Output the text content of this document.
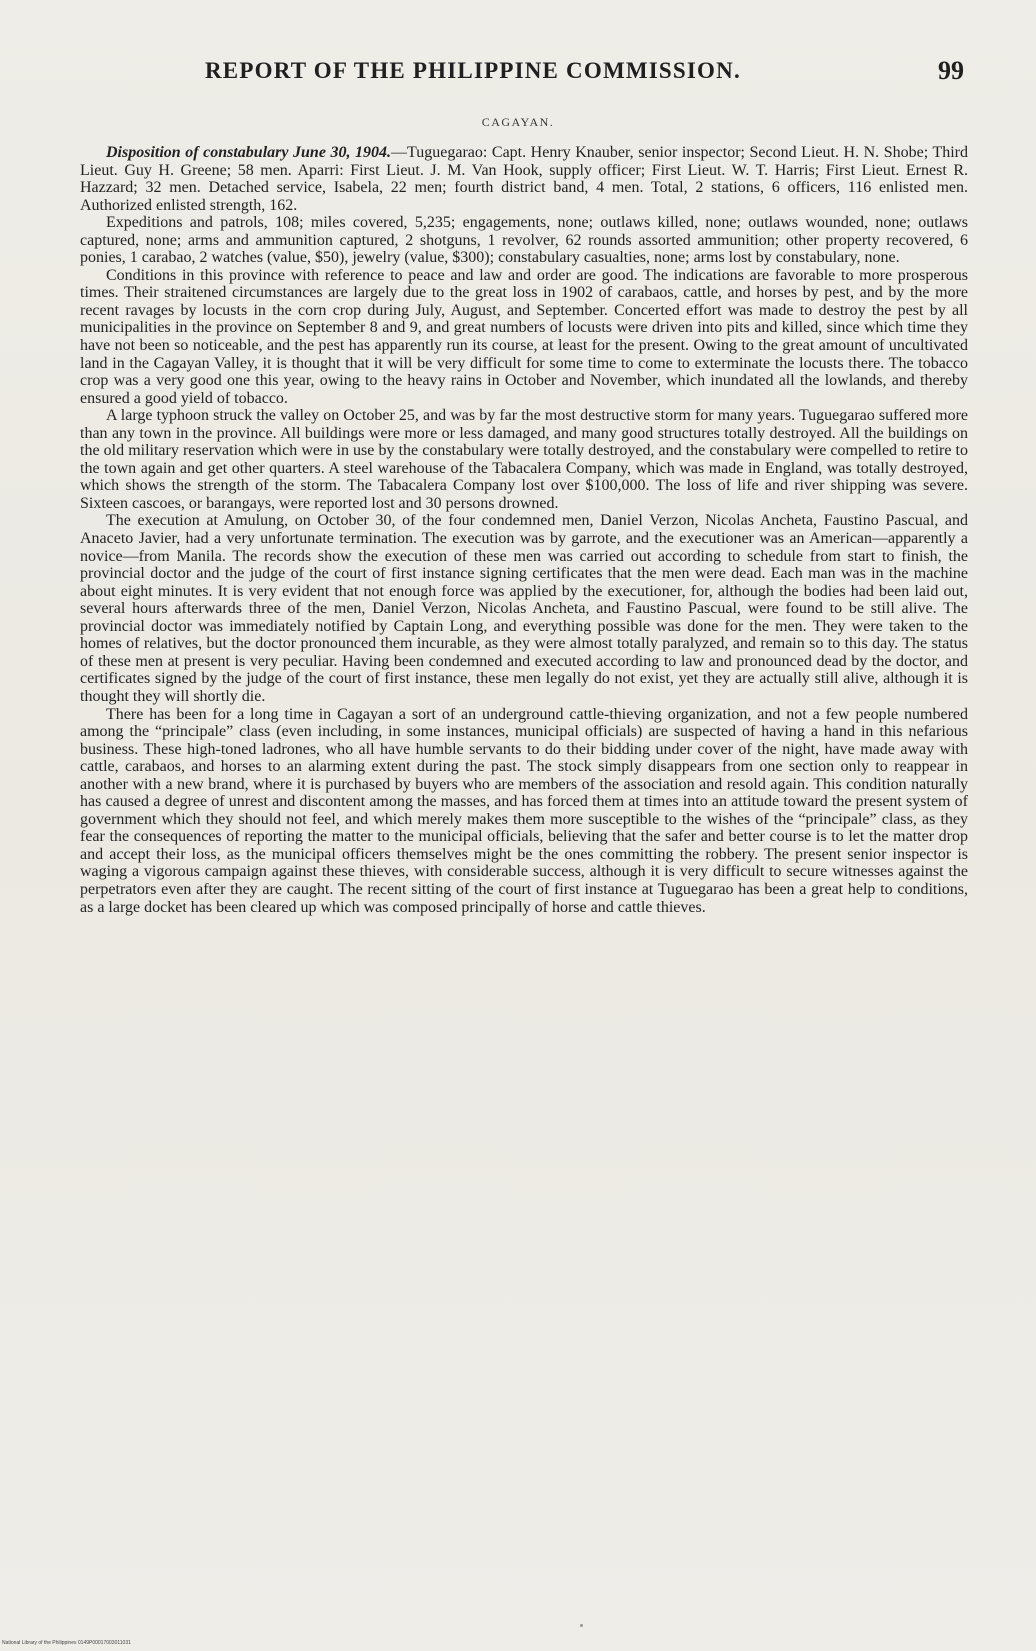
REPORT OF THE PHILIPPINE COMMISSION.	99
CAGAYAN.

Disposition of constabulary June 30, 1904.—Tuguegarao: Capt. Henry Knauber, senior inspector; Second Lieut. H. N. Shobe; Third Lieut. Guy H. Greene; 58 men. Aparri: First Lieut. J. M. Van Hook, supply officer; First Lieut. W. T. Harris; First Lieut. Ernest R. Hazzard; 32 men. Detached service, Isabela, 22 men; fourth district band, 4 men. Total, 2 stations, 6 officers, 116 enlisted men. Authorized enlisted strength, 162.

Expeditions and patrols, 108; miles covered, 5,235; engagements, none; outlaws killed, none; outlaws wounded, none; outlaws captured, none; arms and ammunition captured, 2 shotguns, 1 revolver, 62 rounds assorted ammunition; other property recovered, 6 ponies, 1 carabao, 2 watches (value, $50), jewelry (value, $300); constabulary casualties, none; arms lost by constabulary, none.

Conditions in this province with reference to peace and law and order are good. The indications are favorable to more prosperous times. Their straitened circumstances are largely due to the great loss in 1902 of carabaos, cattle, and horses by pest, and by the more recent ravages by locusts in the corn crop during July, August, and September. Concerted effort was made to destroy the pest by all municipalities in the province on September 8 and 9, and great numbers of locusts were driven into pits and killed, since which time they have not been so noticeable, and the pest has apparently run its course, at least for the present. Owing to the great amount of uncultivated land in the Cagayan Valley, it is thought that it will be very difficult for some time to come to exterminate the locusts there. The tobacco crop was a very good one this year, owing to the heavy rains in October and November, which inundated all the lowlands, and thereby ensured a good yield of tobacco.

A large typhoon struck the valley on October 25, and was by far the most destructive storm for many years. Tuguegarao suffered more than any town in the province. All buildings were more or less damaged, and many good structures totally destroyed. All the buildings on the old military reservation which were in use by the constabulary were totally destroyed, and the constabulary were compelled to retire to the town again and get other quarters. A steel warehouse of the Tabacalera Company, which was made in England, was totally destroyed, which shows the strength of the storm. The Tabacalera Company lost over $100,000. The loss of life and river shipping was severe. Sixteen cascoes, or barangays, were reported lost and 30 persons drowned.

The execution at Amulung, on October 30, of the four condemned men, Daniel Verzon, Nicolas Ancheta, Faustino Pascual, and Anaceto Javier, had a very unfortunate termination. The execution was by garrote, and the executioner was an American—apparently a novice—from Manila. The records show the execution of these men was carried out according to schedule from start to finish, the provincial doctor and the judge of the court of first instance signing certificates that the men were dead. Each man was in the machine about eight minutes. It is very evident that not enough force was applied by the executioner, for, although the bodies had been laid out, several hours afterwards three of the men, Daniel Verzon, Nicolas Ancheta, and Faustino Pascual, were found to be still alive. The provincial doctor was immediately notified by Captain Long, and everything possible was done for the men. They were taken to the homes of relatives, but the doctor pronounced them incurable, as they were almost totally paralyzed, and remain so to this day. The status of these men at present is very peculiar. Having been condemned and executed according to law and pronounced dead by the doctor, and certificates signed by the judge of the court of first instance, these men legally do not exist, yet they are actually still alive, although it is thought they will shortly die.

There has been for a long time in Cagayan a sort of an underground cattle-thieving organization, and not a few people numbered among the “principale” class (even including, in some instances, municipal officials) are suspected of having a hand in this nefarious business. These high-toned ladrones, who all have humble servants to do their bidding under cover of the night, have made away with cattle, carabaos, and horses to an alarming extent during the past. The stock simply disappears from one section only to reappear in another with a new brand, where it is purchased by buyers who are members of the association and resold again. This condition naturally has caused a degree of unrest and discontent among the masses, and has forced them at times into an attitude toward the present system of government which they should not feel, and which merely makes them more susceptible to the wishes of the “principale” class, as they fear the consequences of reporting the matter to the municipal officials, believing that the safer and better course is to let the matter drop and accept their loss, as the municipal officers themselves might be the ones committing the robbery. The present senior inspector is waging a vigorous campaign against these thieves, with considerable success, although it is very difficult to secure witnesses against the perpetrators even after they are caught. The recent sitting of the court of first instance at Tuguegarao has been a great help to conditions, as a large docket has been cleared up which was composed principally of horse and cattle thieves.

National Library of the Philippines 0149P00017003011031
